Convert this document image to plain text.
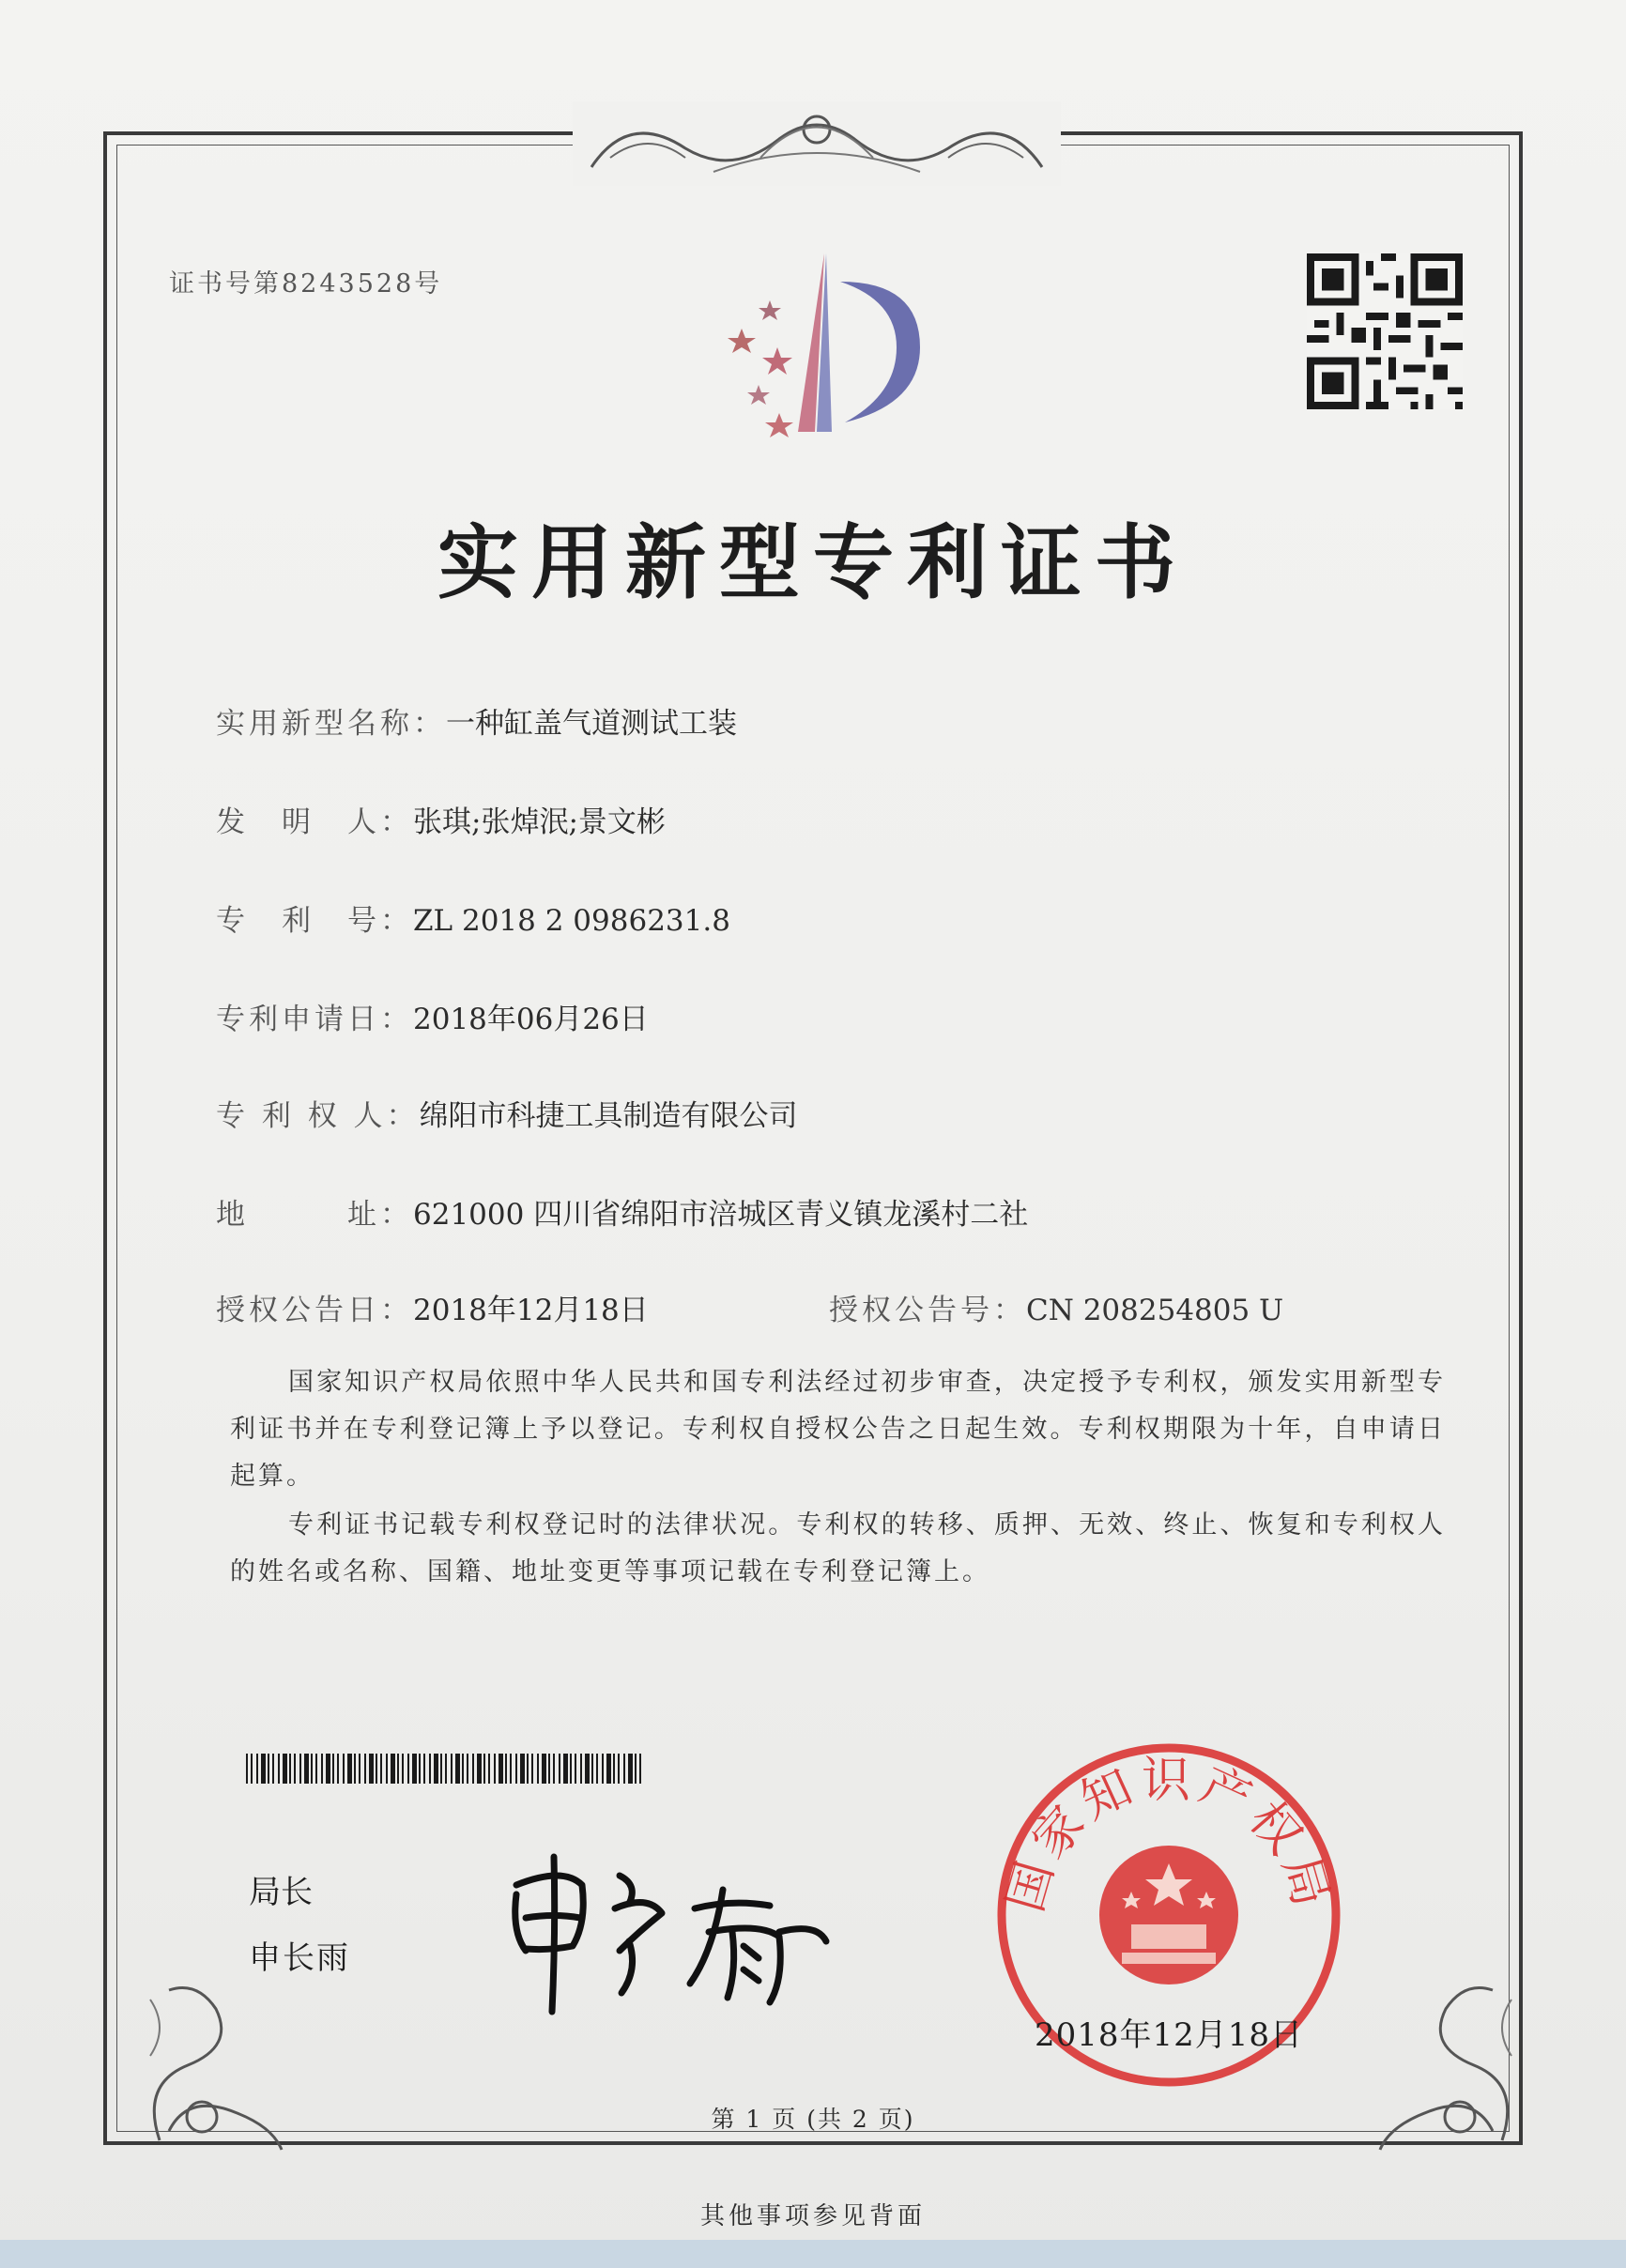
证书号第8243528号
实用新型专利证书
实用新型名称：一种缸盖气道测试工装
发　明　人：张琪;张焯泯;景文彬
专　利　号：ZL 2018 2 0986231.8
专利申请日：2018年06月26日
专 利 权 人：绵阳市科捷工具制造有限公司
地　　　址：621000 四川省绵阳市涪城区青义镇龙溪村二社
授权公告日：2018年12月18日	授权公告号：CN 208254805 U
国家知识产权局依照中华人民共和国专利法经过初步审查，决定授予专利权，颁发实用新型专利证书并在专利登记簿上予以登记。专利权自授权公告之日起生效。专利权期限为十年，自申请日起算。
专利证书记载专利权登记时的法律状况。专利权的转移、质押、无效、终止、恢复和专利权人的姓名或名称、国籍、地址变更等事项记载在专利登记簿上。
局长
申长雨
国家知识产权局
2018年12月18日
第 1 页 (共 2 页)
其他事项参见背面
